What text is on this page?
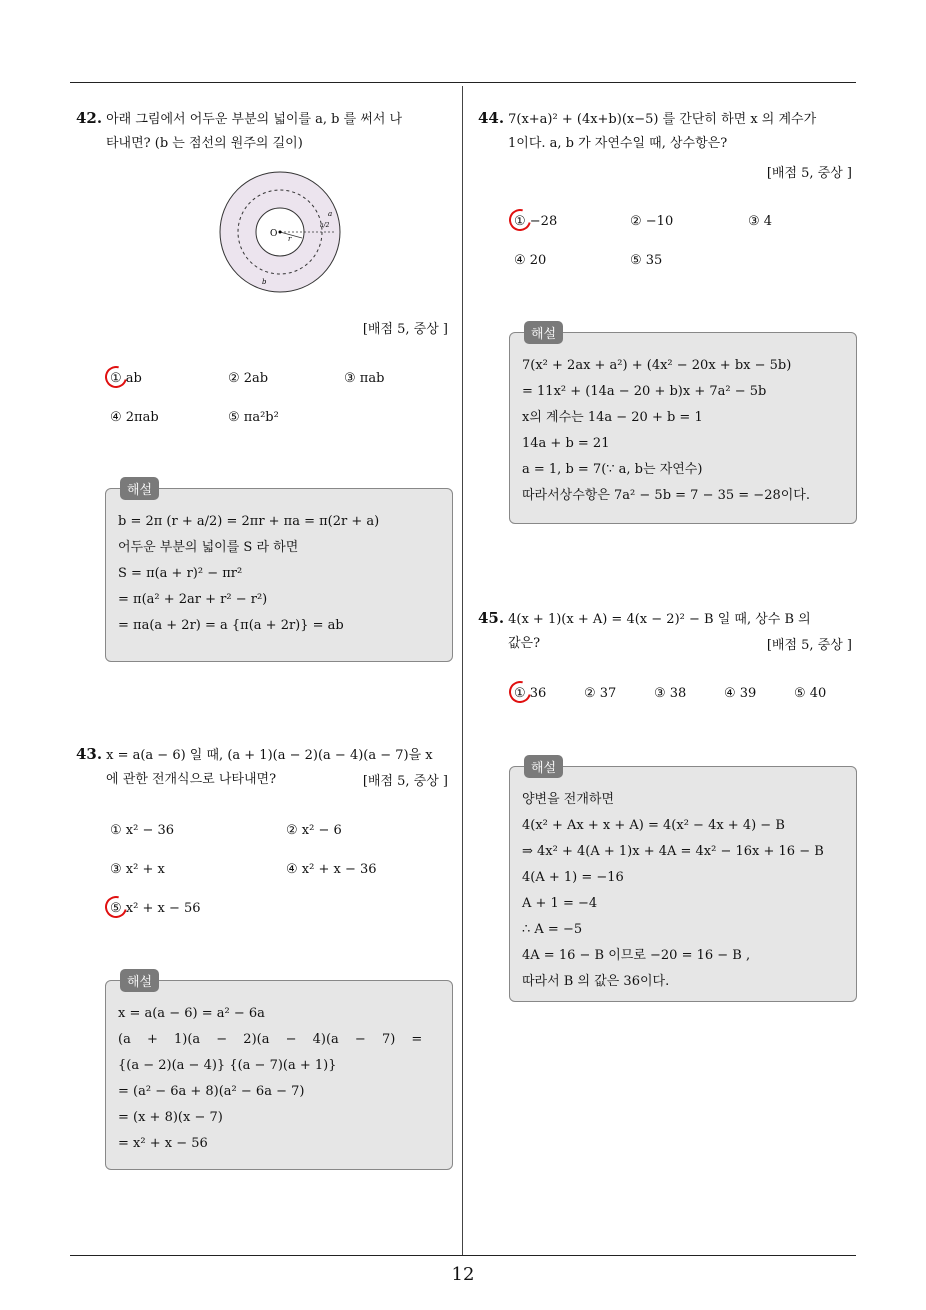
12
42. 아래 그림에서 어두운 부분의 넓이를 a, b 를 써서 나
타내면? (b 는 점선의 원주의 길이)
O r
a
a/2
b
[배점 5, 중상 ]
① ab	② 2ab	③ πab
④ 2πab	⑤ πa²b²
해설
b = 2π (r + a/2) = 2πr + πa = π(2r + a)
어두운 부분의 넓이를 S 라 하면
S = π(a + r)² − πr²
= π(a² + 2ar + r² − r²)
= πa(a + 2r) = a {π(a + 2r)} = ab
43. x = a(a − 6) 일 때, (a + 1)(a − 2)(a − 4)(a − 7)을 x
에 관한 전개식으로 나타내면?	[배점 5, 중상 ]
① x² − 36	② x² − 6
③ x² + x	④ x² + x − 36
⑤ x² + x − 56
해설
x = a(a − 6) = a² − 6a
(a + 1)(a − 2)(a − 4)(a − 7) =
{(a − 2)(a − 4)} {(a − 7)(a + 1)}
= (a² − 6a + 8)(a² − 6a − 7)
= (x + 8)(x − 7)
= x² + x − 56
44. 7(x+a)² + (4x+b)(x−5) 를 간단히 하면 x 의 계수가
1이다. a, b 가 자연수일 때, 상수항은?
[배점 5, 중상 ]
① −28	② −10	③ 4
④ 20	⑤ 35
해설
7(x² + 2ax + a²) + (4x² − 20x + bx − 5b)
= 11x² + (14a − 20 + b)x + 7a² − 5b
x의 계수는 14a − 20 + b = 1
14a + b = 21
a = 1, b = 7(∵ a, b는 자연수)
따라서상수항은 7a² − 5b = 7 − 35 = −28이다.
45. 4(x + 1)(x + A) = 4(x − 2)² − B 일 때, 상수 B 의
값은?	[배점 5, 중상 ]
① 36	② 37	③ 38	④ 39	⑤ 40
해설
양변을 전개하면
4(x² + Ax + x + A) = 4(x² − 4x + 4) − B
⇒ 4x² + 4(A + 1)x + 4A = 4x² − 16x + 16 − B
4(A + 1) = −16
A + 1 = −4
∴ A = −5
4A = 16 − B 이므로 −20 = 16 − B ,
따라서 B 의 값은 36이다.
